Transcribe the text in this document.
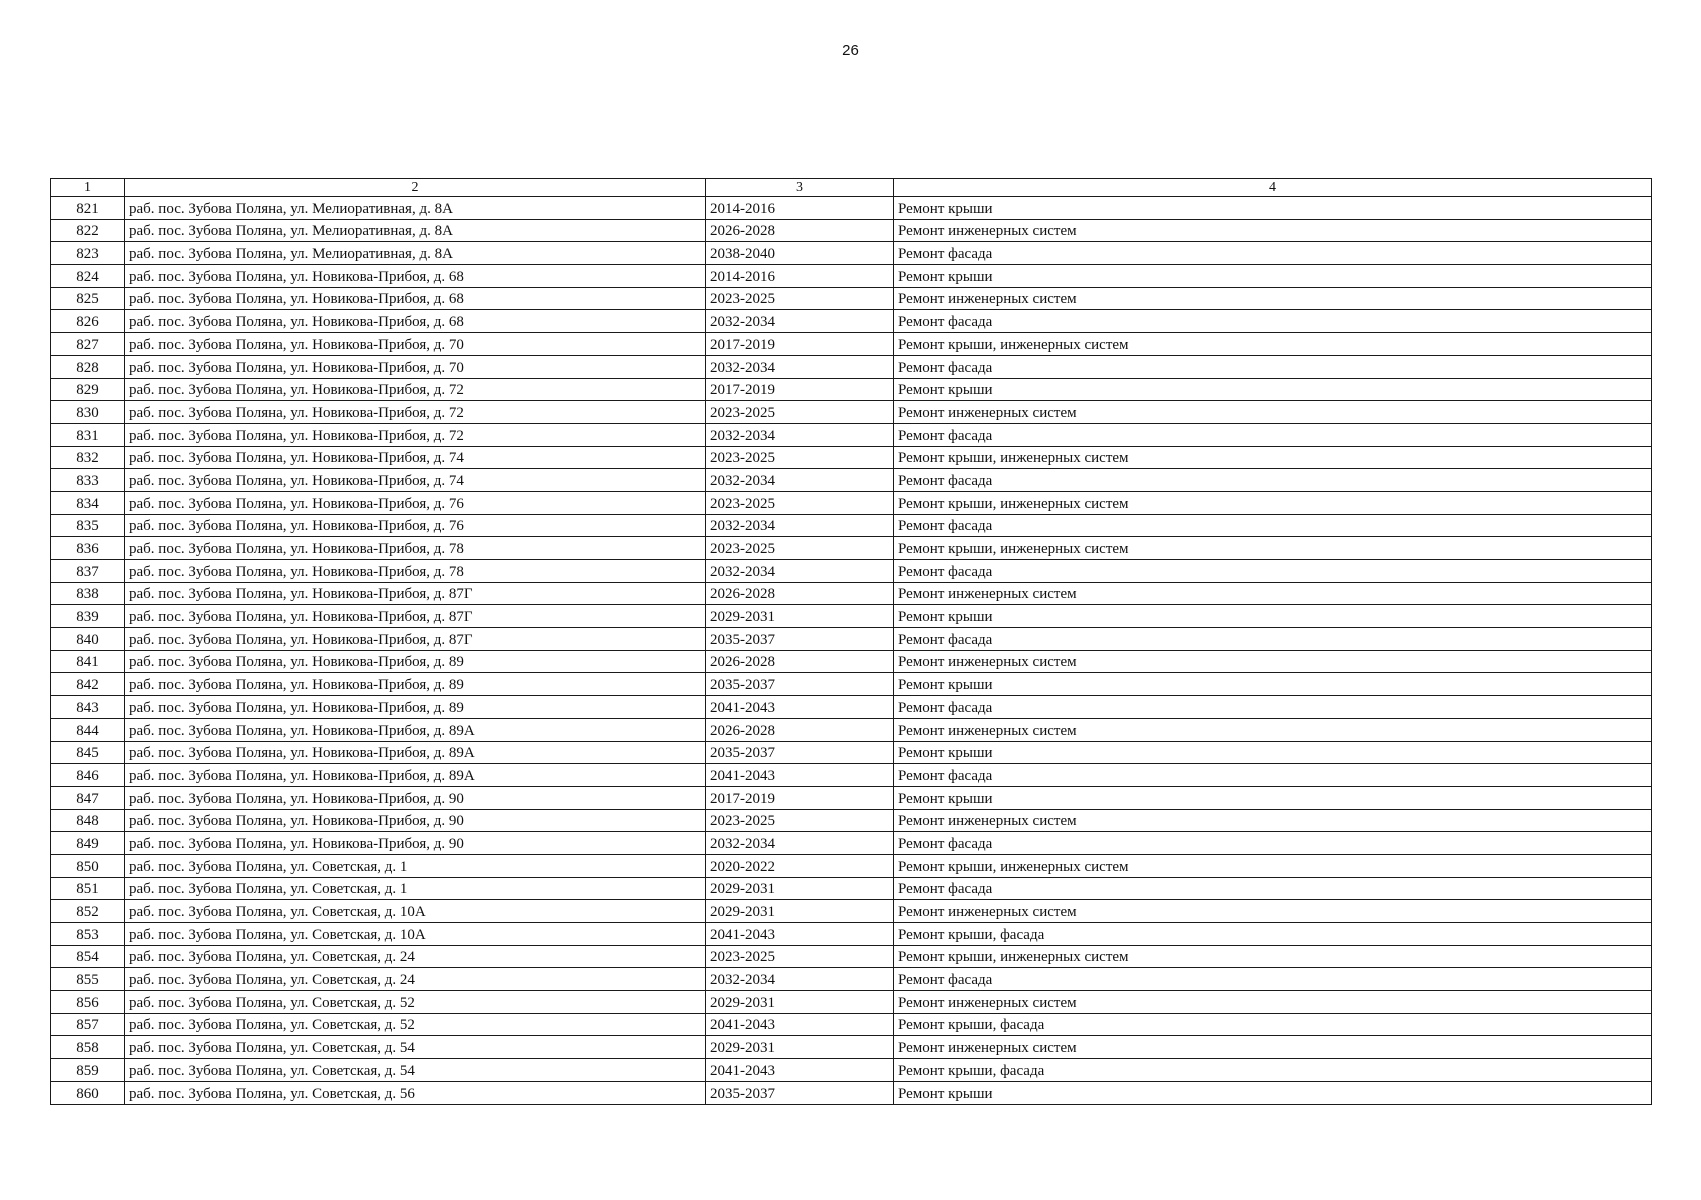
26
1	2	3	4
821	раб. пос. Зубова Поляна, ул. Мелиоративная, д. 8А	2014-2016	Ремонт крыши
822	раб. пос. Зубова Поляна, ул. Мелиоративная, д. 8А	2026-2028	Ремонт инженерных систем
823	раб. пос. Зубова Поляна, ул. Мелиоративная, д. 8А	2038-2040	Ремонт фасада
824	раб. пос. Зубова Поляна, ул. Новикова-Прибоя, д. 68	2014-2016	Ремонт крыши
825	раб. пос. Зубова Поляна, ул. Новикова-Прибоя, д. 68	2023-2025	Ремонт инженерных систем
826	раб. пос. Зубова Поляна, ул. Новикова-Прибоя, д. 68	2032-2034	Ремонт фасада
827	раб. пос. Зубова Поляна, ул. Новикова-Прибоя, д. 70	2017-2019	Ремонт крыши, инженерных систем
828	раб. пос. Зубова Поляна, ул. Новикова-Прибоя, д. 70	2032-2034	Ремонт фасада
829	раб. пос. Зубова Поляна, ул. Новикова-Прибоя, д. 72	2017-2019	Ремонт крыши
830	раб. пос. Зубова Поляна, ул. Новикова-Прибоя, д. 72	2023-2025	Ремонт инженерных систем
831	раб. пос. Зубова Поляна, ул. Новикова-Прибоя, д. 72	2032-2034	Ремонт фасада
832	раб. пос. Зубова Поляна, ул. Новикова-Прибоя, д. 74	2023-2025	Ремонт крыши, инженерных систем
833	раб. пос. Зубова Поляна, ул. Новикова-Прибоя, д. 74	2032-2034	Ремонт фасада
834	раб. пос. Зубова Поляна, ул. Новикова-Прибоя, д. 76	2023-2025	Ремонт крыши, инженерных систем
835	раб. пос. Зубова Поляна, ул. Новикова-Прибоя, д. 76	2032-2034	Ремонт фасада
836	раб. пос. Зубова Поляна, ул. Новикова-Прибоя, д. 78	2023-2025	Ремонт крыши, инженерных систем
837	раб. пос. Зубова Поляна, ул. Новикова-Прибоя, д. 78	2032-2034	Ремонт фасада
838	раб. пос. Зубова Поляна, ул. Новикова-Прибоя, д. 87Г	2026-2028	Ремонт инженерных систем
839	раб. пос. Зубова Поляна, ул. Новикова-Прибоя, д. 87Г	2029-2031	Ремонт крыши
840	раб. пос. Зубова Поляна, ул. Новикова-Прибоя, д. 87Г	2035-2037	Ремонт фасада
841	раб. пос. Зубова Поляна, ул. Новикова-Прибоя, д. 89	2026-2028	Ремонт инженерных систем
842	раб. пос. Зубова Поляна, ул. Новикова-Прибоя, д. 89	2035-2037	Ремонт крыши
843	раб. пос. Зубова Поляна, ул. Новикова-Прибоя, д. 89	2041-2043	Ремонт фасада
844	раб. пос. Зубова Поляна, ул. Новикова-Прибоя, д. 89А	2026-2028	Ремонт инженерных систем
845	раб. пос. Зубова Поляна, ул. Новикова-Прибоя, д. 89А	2035-2037	Ремонт крыши
846	раб. пос. Зубова Поляна, ул. Новикова-Прибоя, д. 89А	2041-2043	Ремонт фасада
847	раб. пос. Зубова Поляна, ул. Новикова-Прибоя, д. 90	2017-2019	Ремонт крыши
848	раб. пос. Зубова Поляна, ул. Новикова-Прибоя, д. 90	2023-2025	Ремонт инженерных систем
849	раб. пос. Зубова Поляна, ул. Новикова-Прибоя, д. 90	2032-2034	Ремонт фасада
850	раб. пос. Зубова Поляна, ул. Советская, д. 1	2020-2022	Ремонт крыши, инженерных систем
851	раб. пос. Зубова Поляна, ул. Советская, д. 1	2029-2031	Ремонт фасада
852	раб. пос. Зубова Поляна, ул. Советская, д. 10А	2029-2031	Ремонт инженерных систем
853	раб. пос. Зубова Поляна, ул. Советская, д. 10А	2041-2043	Ремонт крыши, фасада
854	раб. пос. Зубова Поляна, ул. Советская, д. 24	2023-2025	Ремонт крыши, инженерных систем
855	раб. пос. Зубова Поляна, ул. Советская, д. 24	2032-2034	Ремонт фасада
856	раб. пос. Зубова Поляна, ул. Советская, д. 52	2029-2031	Ремонт инженерных систем
857	раб. пос. Зубова Поляна, ул. Советская, д. 52	2041-2043	Ремонт крыши, фасада
858	раб. пос. Зубова Поляна, ул. Советская, д. 54	2029-2031	Ремонт инженерных систем
859	раб. пос. Зубова Поляна, ул. Советская, д. 54	2041-2043	Ремонт крыши, фасада
860	раб. пос. Зубова Поляна, ул. Советская, д. 56	2035-2037	Ремонт крыши
